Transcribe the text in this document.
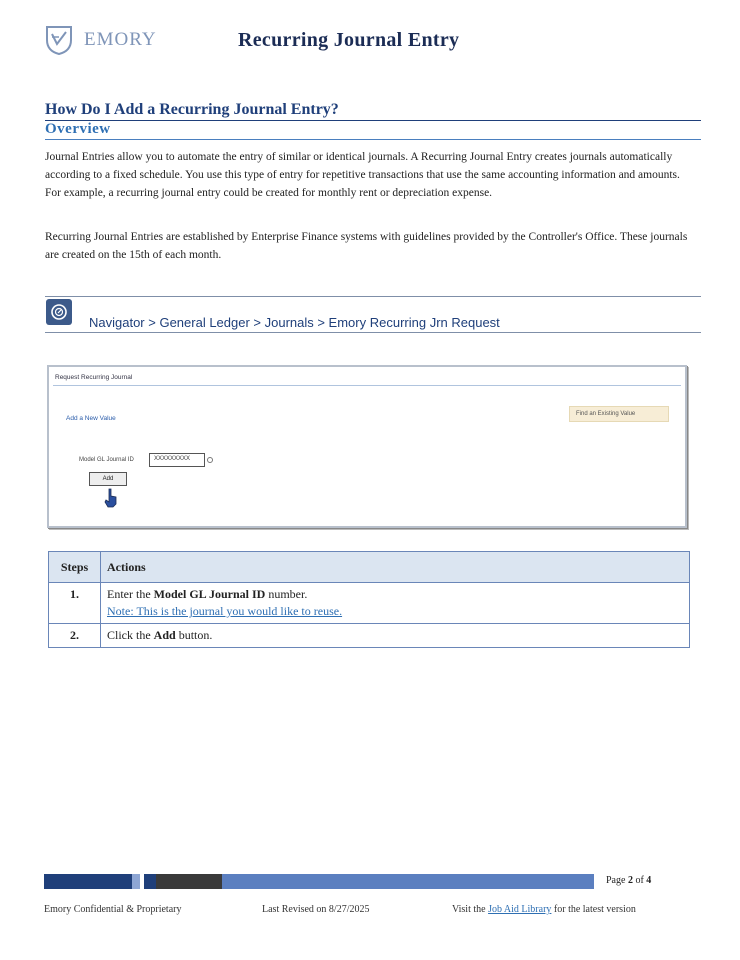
EMORY	Recurring Journal Entry
How Do I Add a Recurring Journal Entry?
Overview
Journal Entries allow you to automate the entry of similar or identical journals. A Recurring Journal Entry creates journals automatically according to a fixed schedule. You use this type of entry for repetitive transactions that use the same accounting information and amounts. For example, a recurring journal entry could be created for monthly rent or depreciation expense.
Recurring Journal Entries are established by Enterprise Finance systems with guidelines provided by the Controller's Office. These journals are created on the 15th of each month.
Navigator > General Ledger > Journals > Emory Recurring Jrn Request
Request Recurring Journal
Add a New Value
Find an Existing Value
Model GL Journal ID	XXXXXXXXX
Add
Steps	Actions
1.	Enter the Model GL Journal ID number.
Note: This is the journal you would like to reuse.
2.	Click the Add button.
Page 2 of 4
Emory Confidential & Proprietary	Last Revised on 8/27/2025	Visit the Job Aid Library for the latest version
